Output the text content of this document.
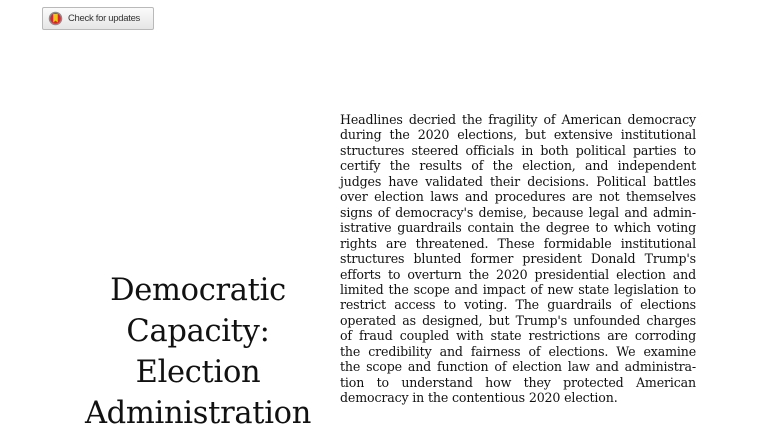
Check for updates
Democratic
Capacity:
Election
Administration

Headlines decried the fragility of American democracy
during the 2020 elections, but extensive institutional
structures steered officials in both political parties to
certify the results of the election, and independent
judges have validated their decisions. Political battles
over election laws and procedures are not themselves
signs of democracy's demise, because legal and admin-
istrative guardrails contain the degree to which voting
rights are threatened. These formidable institutional
structures blunted former president Donald Trump's
efforts to overturn the 2020 presidential election and
limited the scope and impact of new state legislation to
restrict access to voting. The guardrails of elections
operated as designed, but Trump's unfounded charges
of fraud coupled with state restrictions are corroding
the credibility and fairness of elections. We examine
the scope and function of election law and administra-
tion to understand how they protected American
democracy in the contentious 2020 election.
